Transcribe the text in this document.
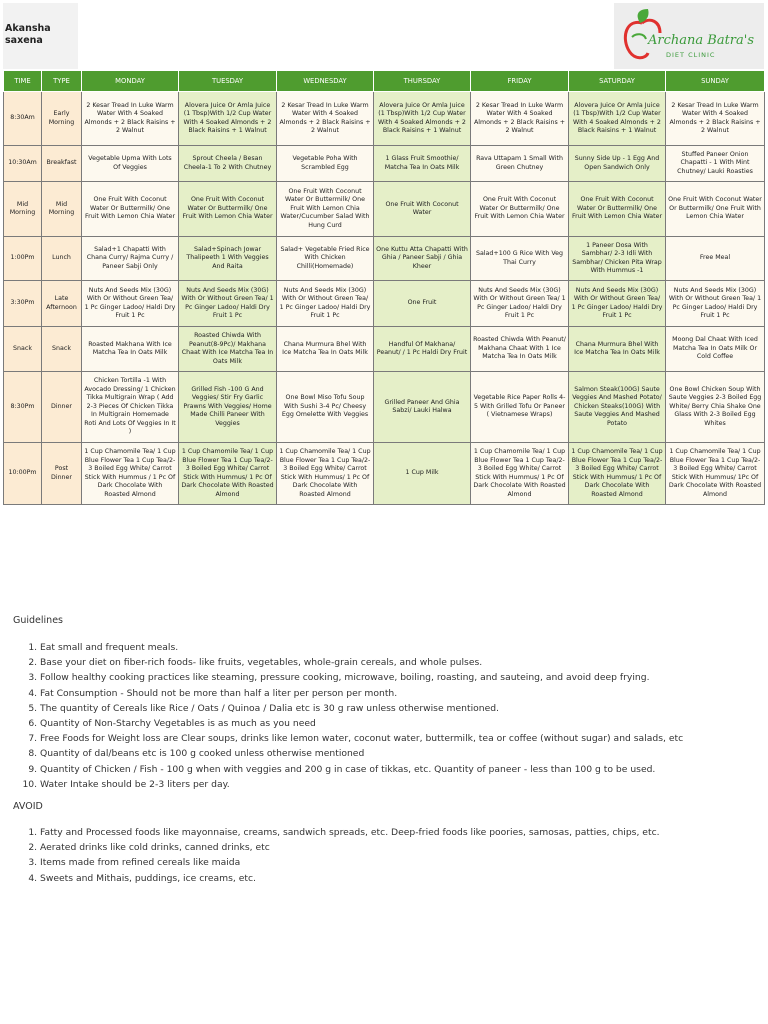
Akansha saxena	Archana Batra's
DIET CLINIC
TIME	TYPE	MONDAY	TUESDAY	WEDNESDAY	THURSDAY	FRIDAY	SATURDAY	SUNDAY
8:30Am	Early Morning	2 Kesar Tread In Luke Warm Water With 4 Soaked Almonds + 2 Black Raisins + 2 Walnut	Alovera Juice Or Amla Juice (1 Tbsp)With 1/2 Cup Water With 4 Soaked Almonds + 2 Black Raisins + 1 Walnut	2 Kesar Tread In Luke Warm Water With 4 Soaked Almonds + 2 Black Raisins + 2 Walnut	Alovera Juice Or Amla Juice (1 Tbsp)With 1/2 Cup Water With 4 Soaked Almonds + 2 Black Raisins + 1 Walnut	2 Kesar Tread In Luke Warm Water With 4 Soaked Almonds + 2 Black Raisins + 2 Walnut	Alovera Juice Or Amla Juice (1 Tbsp)With 1/2 Cup Water With 4 Soaked Almonds + 2 Black Raisins + 1 Walnut	2 Kesar Tread In Luke Warm Water With 4 Soaked Almonds + 2 Black Raisins + 2 Walnut
10:30Am	Breakfast	Vegetable Upma With Lots Of Veggies	Sprout Cheela / Besan Cheela-1 To 2 With Chutney	Vegetable Poha With Scrambled Egg	1 Glass Fruit Smoothie/ Matcha Tea In Oats Milk	Rava Uttapam 1 Small With Green Chutney	Sunny Side Up - 1 Egg And Open Sandwich Only	Stuffed Paneer Onion Chapatti - 1 With Mint Chutney/ Lauki Roasties
Mid Morning	Mid Morning	One Fruit With Coconut Water Or Buttermilk/ One Fruit With Lemon Chia Water	One Fruit With Coconut Water Or Buttermilk/ One Fruit With Lemon Chia Water	One Fruit With Coconut Water Or Buttermilk/ One Fruit With Lemon Chia Water/Cucumber Salad With Hung Curd	One Fruit With Coconut Water	One Fruit With Coconut Water Or Buttermilk/ One Fruit With Lemon Chia Water	One Fruit With Coconut Water Or Buttermilk/ One Fruit With Lemon Chia Water	One Fruit With Coconut Water Or Buttermilk/ One Fruit With Lemon Chia Water
1:00Pm	Lunch	Salad+1 Chapatti With Chana Curry/ Rajma Curry / Paneer Sabji Only	Salad+Spinach Jowar Thalipeeth 1 With Veggies And Raita	Salad+ Vegetable Fried Rice With Chicken Chilli(Homemade)	One Kuttu Atta Chapatti With Ghia / Paneer Sabji / Ghia Kheer	Salad+100 G Rice With Veg Thai Curry	1 Paneer Dosa With Sambhar/ 2-3 Idli With Sambhar/ Chicken Pita Wrap With Hummus -1	Free Meal
3:30Pm	Late Afternoon	Nuts And Seeds Mix (30G) With Or Without Green Tea/ 1 Pc Ginger Ladoo/ Haldi Dry Fruit 1 Pc	Nuts And Seeds Mix (30G) With Or Without Green Tea/ 1 Pc Ginger Ladoo/ Haldi Dry Fruit 1 Pc	Nuts And Seeds Mix (30G) With Or Without Green Tea/ 1 Pc Ginger Ladoo/ Haldi Dry Fruit 1 Pc	One Fruit	Nuts And Seeds Mix (30G) With Or Without Green Tea/ 1 Pc Ginger Ladoo/ Haldi Dry Fruit 1 Pc	Nuts And Seeds Mix (30G) With Or Without Green Tea/ 1 Pc Ginger Ladoo/ Haldi Dry Fruit 1 Pc	Nuts And Seeds Mix (30G) With Or Without Green Tea/ 1 Pc Ginger Ladoo/ Haldi Dry Fruit 1 Pc
Snack	Snack	Roasted Makhana With Ice Matcha Tea In Oats Milk	Roasted Chiwda With Peanut(8-9Pc)/ Makhana Chaat With Ice Matcha Tea In Oats Milk	Chana Murmura Bhel With Ice Matcha Tea In Oats Milk	Handful Of Makhana/ Peanut/ / 1 Pc Haldi Dry Fruit	Roasted Chiwda With Peanut/ Makhana Chaat With 1 Ice Matcha Tea In Oats Milk	Chana Murmura Bhel With Ice Matcha Tea In Oats Milk	Moong Dal Chaat With Iced Matcha Tea In Oats Milk Or Cold Coffee
8:30Pm	Dinner	Chicken Tortilla -1 With Avocado Dressing/ 1 Chicken Tikka Multigrain Wrap ( Add 2-3 Pieces Of Chicken Tikka In Multigrain Homemade Roti And Lots Of Veggies In It )	Grilled Fish -100 G And Veggies/ Stir Fry Garlic Prawns With Veggies/ Home Made Chilli Paneer With Veggies	One Bowl Miso Tofu Soup With Sushi 3-4 Pc/ Cheesy Egg Omelette With Veggies	Grilled Paneer And Ghia Sabzi/ Lauki Halwa	Vegetable Rice Paper Rolls 4-5 With Grilled Tofu Or Paneer ( Vietnamese Wraps)	Salmon Steak(100G) Saute Veggies And Mashed Potato/ Chicken Steaks(100G) With Saute Veggies And Mashed Potato	One Bowl Chicken Soup With Saute Veggies 2-3 Boiled Egg White/ Berry Chia Shake One Glass With 2-3 Boiled Egg Whites
10:00Pm	Post Dinner	1 Cup Chamomile Tea/ 1 Cup Blue Flower Tea 1 Cup Tea/2-3 Boiled Egg White/ Carrot Stick With Hummus / 1 Pc Of Dark Chocolate With Roasted Almond	1 Cup Chamomile Tea/ 1 Cup Blue Flower Tea 1 Cup Tea/2-3 Boiled Egg White/ Carrot Stick With Hummus/ 1 Pc Of Dark Chocolate With Roasted Almond	1 Cup Chamomile Tea/ 1 Cup Blue Flower Tea 1 Cup Tea/2-3 Boiled Egg White/ Carrot Stick With Hummus/ 1 Pc Of Dark Chocolate With Roasted Almond	1 Cup Milk	1 Cup Chamomile Tea/ 1 Cup Blue Flower Tea 1 Cup Tea/2-3 Boiled Egg White/ Carrot Stick With Hummus/ 1 Pc Of Dark Chocolate With Roasted Almond	1 Cup Chamomile Tea/ 1 Cup Blue Flower Tea 1 Cup Tea/2-3 Boiled Egg White/ Carrot Stick With Hummus/ 1 Pc Of Dark Chocolate With Roasted Almond	1 Cup Chamomile Tea/ 1 Cup Blue Flower Tea 1 Cup Tea/2-3 Boiled Egg White/ Carrot Stick With Hummus/ 1Pc Of Dark Chocolate With Roasted Almond
Guidelines
1. Eat small and frequent meals.
2. Base your diet on fiber-rich foods- like fruits, vegetables, whole-grain cereals, and whole pulses.
3. Follow healthy cooking practices like steaming, pressure cooking, microwave, boiling, roasting, and sauteing, and avoid deep frying.
4. Fat Consumption - Should not be more than half a liter per person per month.
5. The quantity of Cereals like Rice / Oats / Quinoa / Dalia etc is 30 g raw unless otherwise mentioned.
6. Quantity of Non-Starchy Vegetables is as much as you need
7. Free Foods for Weight loss are Clear soups, drinks like lemon water, coconut water, buttermilk, tea or coffee (without sugar) and salads, etc
8. Quantity of dal/beans etc is 100 g cooked unless otherwise mentioned
9. Quantity of Chicken / Fish - 100 g when with veggies and 200 g in case of tikkas, etc. Quantity of paneer - less than 100 g to be used.
10. Water Intake should be 2-3 liters per day.
AVOID
1. Fatty and Processed foods like mayonnaise, creams, sandwich spreads, etc. Deep-fried foods like poories, samosas, patties, chips, etc.
2. Aerated drinks like cold drinks, canned drinks, etc
3. Items made from refined cereals like maida
4. Sweets and Mithais, puddings, ice creams, etc.
